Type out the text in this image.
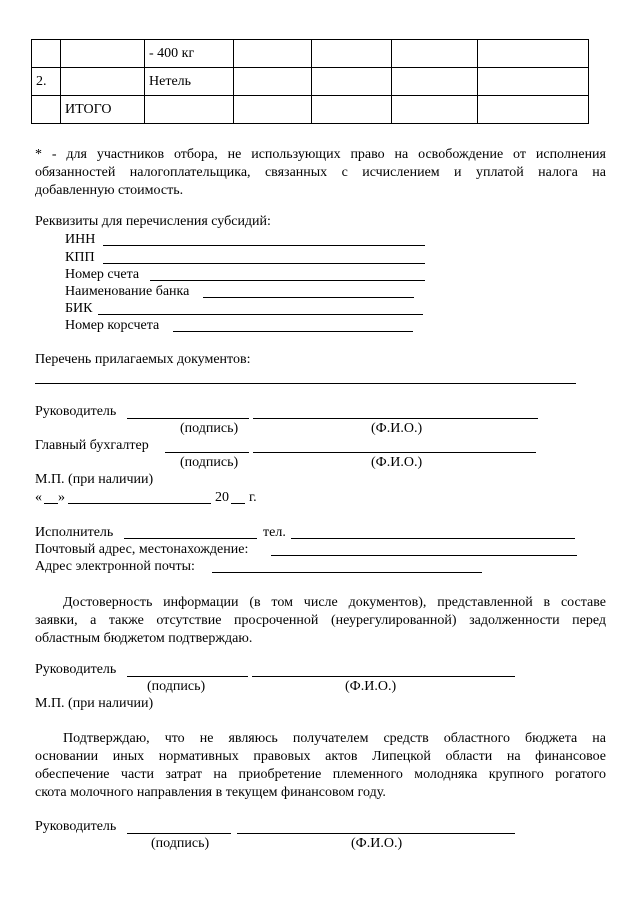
		- 400 кг				
2.		Нетель				
	ИТОГО					
* - для участников отбора, не использующих право на освобождение от исполнения
обязанностей налогоплательщика, связанных с исчислением и уплатой налога на
добавленную стоимость.
Реквизиты для перечисления субсидий:
ИНН
КПП
Номер счета
Наименование банка
БИК
Номер корсчета
Перечень прилагаемых документов:
Руководитель
(подпись)	(Ф.И.О.)
Главный бухгалтер
(подпись)	(Ф.И.О.)
М.П. (при наличии)
« »	20 г.
Исполнитель	тел.
Почтовый адрес, местонахождение:
Адрес электронной почты:
Достоверность информации (в том числе документов), представленной в составе
заявки, а также отсутствие просроченной (неурегулированной) задолженности перед
областным бюджетом подтверждаю.
Руководитель
(подпись)	(Ф.И.О.)
М.П. (при наличии)
Подтверждаю, что не являюсь получателем средств областного бюджета на
основании иных нормативных правовых актов Липецкой области на финансовое
обеспечение части затрат на приобретение племенного молодняка крупного рогатого
скота молочного направления в текущем финансовом году.
Руководитель
(подпись)	(Ф.И.О.)
